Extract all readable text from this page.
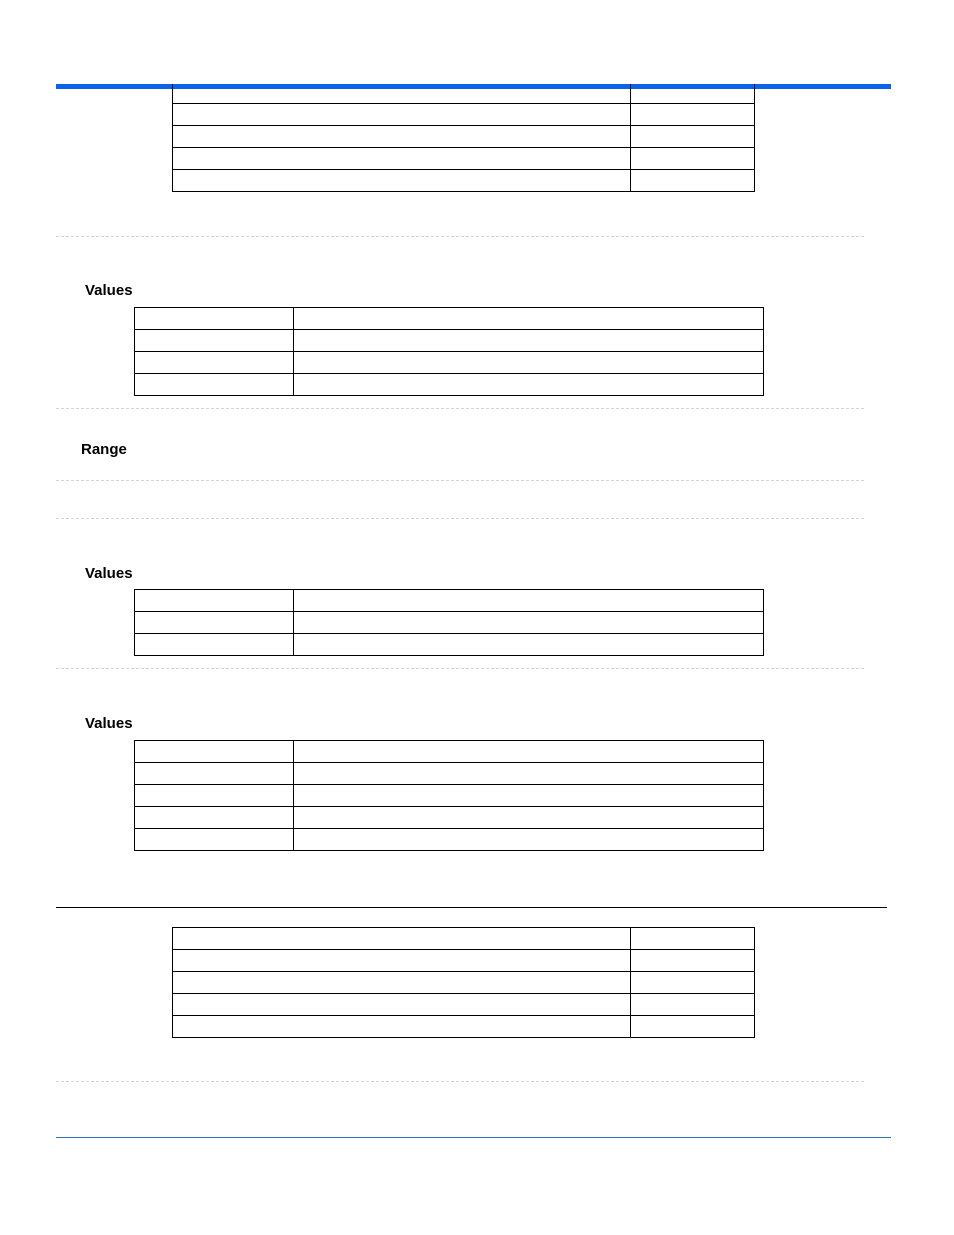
Values

Range
Values

Values
